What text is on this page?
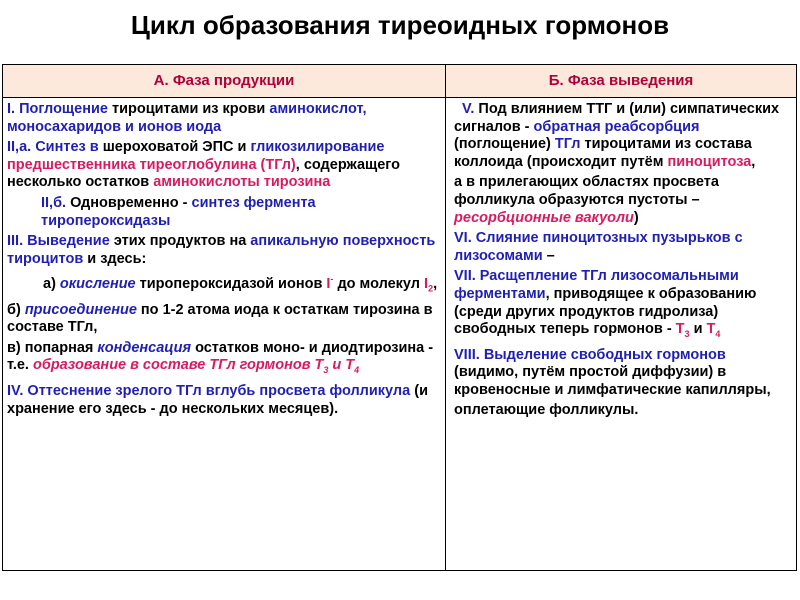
Цикл образования тиреоидных гормонов
А. Фаза продукции	Б. Фаза выведения

I. Поглощение тироцитами из крови аминокислот, моносахаридов и ионов иода

II,а. Синтез в шероховатой ЭПС и гликозилирование предшественника тиреоглобулина (ТГл), содержащего несколько остатков аминокислоты тирозина

II,б. Одновременно - синтез фермента тиропероксидазы

III. Выведение этих продуктов на апикальную поверхность тироцитов и здесь:

а) окисление тиропероксидазой ионов I- до молекул $I_2$,

б) присоединение по 1-2 атома иода к остаткам тирозина в составе ТГл,

в) попарная конденсация остатков моно- и диодтирозина - т.е. образование в составе ТГл гормонов $Т_3$ и $Т_4$

IV. Оттеснение зрелого ТГл вглубь просвета фолликула (и хранение его здесь - до нескольких месяцев).

V. Под влиянием ТТГ и (или) симпатических сигналов - обратная реабсорбция (поглощение) ТГл тироцитами из состава коллоида (происходит путём пиноцитоза,

а в прилегающих областях просвета фолликула образуются пустоты – ресорбционные вакуоли)

VI. Слияние пиноцитозных пузырьков с лизосомами –

VII. Расщепление ТГл лизосомальными ферментами, приводящее к образованию (среди других продуктов гидролиза) свободных теперь гормонов - $Т_3$ и $Т_4$

VIII. Выделение свободных гормонов (видимо, путём простой диффузии) в кровеносные и лимфатические капилляры,

оплетающие фолликулы.
